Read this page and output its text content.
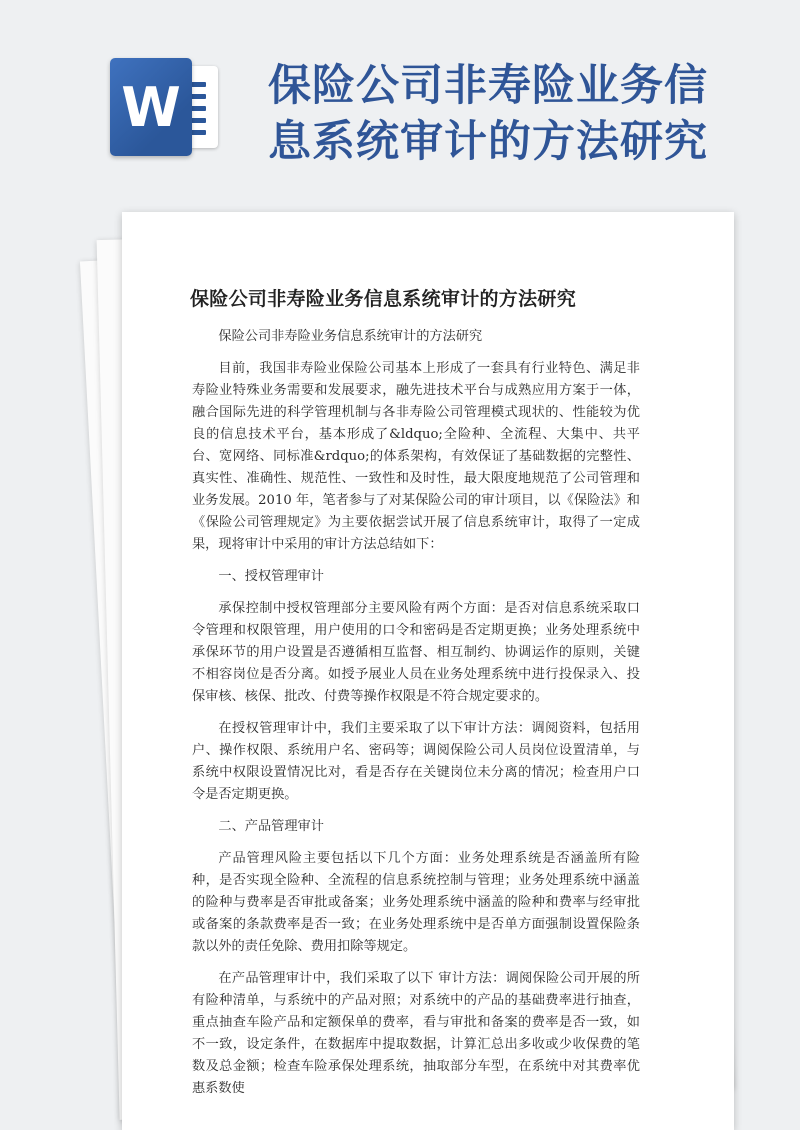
W 保险公司非寿险业务信
息系统审计的方法研究
保险公司非寿险业务信息系统审计的方法研究

保险公司非寿险业务信息系统审计的方法研究

目前，我国非寿险业保险公司基本上形成了一套具有行业特色、满足非寿险业特殊业务需要和发展要求，融先进技术平台与成熟应用方案于一体，融合国际先进的科学管理机制与各非寿险公司管理模式现状的、性能较为优良的信息技术平台，基本形成了&ldquo;全险种、全流程、大集中、共平台、宽网络、同标准&rdquo;的体系架构，有效保证了基础数据的完整性、真实性、准确性、规范性、一致性和及时性，最大限度地规范了公司管理和业务发展。2010 年，笔者参与了对某保险公司的审计项目，以《保险法》和《保险公司管理规定》为主要依据尝试开展了信息系统审计，取得了一定成果，现将审计中采用的审计方法总结如下：

一、授权管理审计

承保控制中授权管理部分主要风险有两个方面：是否对信息系统采取口令管理和权限管理，用户使用的口令和密码是否定期更换；业务处理系统中承保环节的用户设置是否遵循相互监督、相互制约、协调运作的原则，关键不相容岗位是否分离。如授予展业人员在业务处理系统中进行投保录入、投保审核、核保、批改、付费等操作权限是不符合规定要求的。

在授权管理审计中，我们主要采取了以下审计方法：调阅资料，包括用户、操作权限、系统用户名、密码等；调阅保险公司人员岗位设置清单，与系统中权限设置情况比对，看是否存在关键岗位未分离的情况；检查用户口令是否定期更换。

二、产品管理审计

产品管理风险主要包括以下几个方面：业务处理系统是否涵盖所有险种，是否实现全险种、全流程的信息系统控制与管理；业务处理系统中涵盖的险种与费率是否审批或备案；业务处理系统中涵盖的险种和费率与经审批或备案的条款费率是否一致；在业务处理系统中是否单方面强制设置保险条款以外的责任免除、费用扣除等规定。

在产品管理审计中，我们采取了以下 审计方法：调阅保险公司开展的所有险种清单，与系统中的产品对照；对系统中的产品的基础费率进行抽查，重点抽查车险产品和定额保单的费率，看与审批和备案的费率是否一致，如不一致，设定条件，在数据库中提取数据，计算汇总出多收或少收保费的笔数及总金额；检查车险承保处理系统，抽取部分车型，在系统中对其费率优惠系数使
